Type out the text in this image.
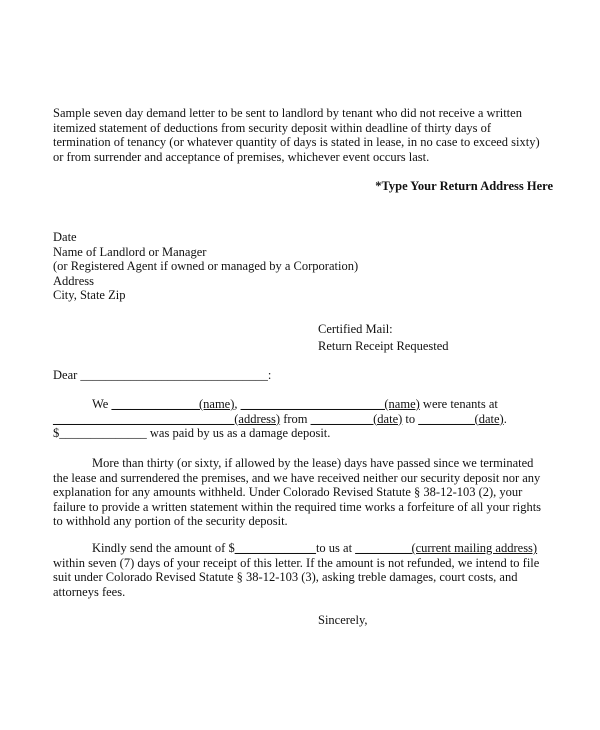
Sample seven day demand letter to be sent to landlord by tenant who did not receive a written
itemized statement of deductions from security deposit within deadline of thirty days of
termination of tenancy (or whatever quantity of days is stated in lease, in no case to exceed sixty)
or from surrender and acceptance of premises, whichever event occurs last.
*Type Your Return Address Here
Date
Name of Landlord or Manager
(or Registered Agent if owned or managed by a Corporation)
Address
City, State Zip
Certified Mail:
Return Receipt Requested
Dear ______________________________:
We ______________(name), _______________________(name) were tenants at
_____________________________(address) from __________(date) to _________(date).
$______________ was paid by us as a damage deposit.
More than thirty (or sixty, if allowed by the lease) days have passed since we terminated
the lease and surrendered the premises, and we have received neither our security deposit nor any
explanation for any amounts withheld. Under Colorado Revised Statute § 38-12-103 (2), your
failure to provide a written statement within the required time works a forfeiture of all your rights
to withhold any portion of the security deposit.
Kindly send the amount of $_____________to us at _________(current mailing address)
within seven (7) days of your receipt of this letter. If the amount is not refunded, we intend to file
suit under Colorado Revised Statute § 38-12-103 (3), asking treble damages, court costs, and
attorneys fees.
Sincerely,
